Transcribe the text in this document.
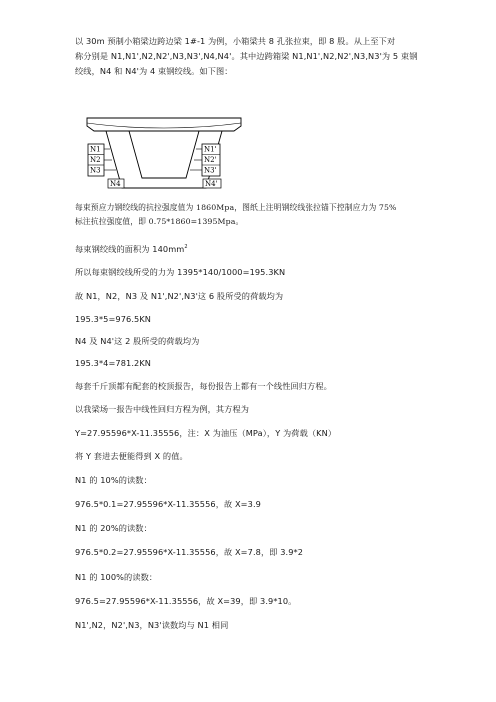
以 30m 预制小箱梁边跨边梁 1#-1 为例，小箱梁共 8 孔张拉束，即 8 股。从上至下对
称分别是 N1,N1',N2,N2',N3,N3',N4,N4'。其中边跨箱梁 N1,N1',N2,N2',N3,N3'为 5 束钢
绞线，N4 和 N4'为 4 束钢绞线。如下图：
N1
N2
N3
N1'
N2'
N3'
N4	N4'
每束预应力钢绞线的抗拉强度值为 1860Mpa，图纸上注明钢绞线张拉锚下控制应力为 75%
标注抗拉强度值，即 0.75*1860=1395Mpa。
每束钢绞线的面积为 $140mm^2$
所以每束钢绞线所受的力为 1395*140/1000=195.3KN
故 N1，N2，N3 及 N1',N2',N3'这 6 股所受的荷载均为
195.3*5=976.5KN
N4 及 N4'这 2 股所受的荷载均为
195.3*4=781.2KN
每套千斤顶都有配套的校顶报告，每份报告上都有一个线性回归方程。
以我梁场一报告中线性回归方程为例，其方程为
Y=27.95596*X-11.35556，注：X 为油压（MPa），Y 为荷载（KN）
将 Y 套进去便能得到 X 的值。
N1 的 10%的读数：
976.5*0.1=27.95596*X-11.35556，故 X=3.9
N1 的 20%的读数：
976.5*0.2=27.95596*X-11.35556，故 X=7.8，即 3.9*2
N1 的 100%的读数：
976.5=27.95596*X-11.35556，故 X=39，即 3.9*10。
N1',N2，N2',N3，N3'读数均与 N1 相同
